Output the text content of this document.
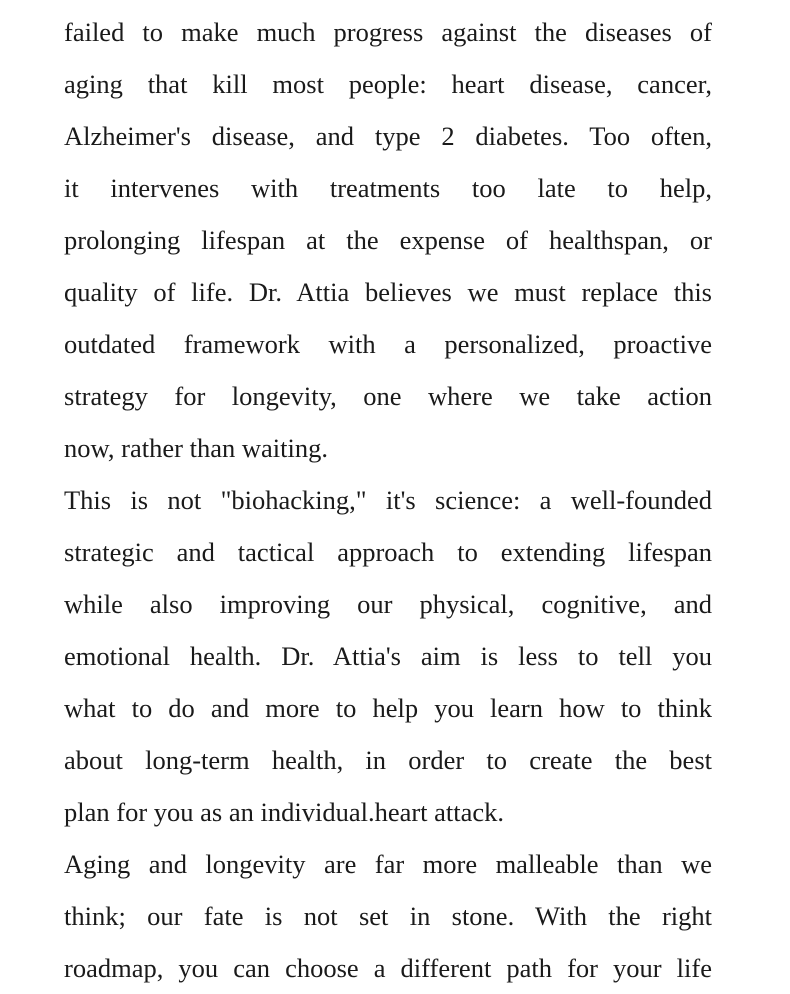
failed to make much progress against the diseases of
aging that kill most people: heart disease, cancer,
Alzheimer's disease, and type 2 diabetes. Too often,
it intervenes with treatments too late to help,
prolonging lifespan at the expense of healthspan, or
quality of life. Dr. Attia believes we must replace this
outdated framework with a personalized, proactive
strategy for longevity, one where we take action
now, rather than waiting.
This is not "biohacking," it's science: a well-founded
strategic and tactical approach to extending lifespan
while also improving our physical, cognitive, and
emotional health. Dr. Attia's aim is less to tell you
what to do and more to help you learn how to think
about long-term health, in order to create the best
plan for you as an individual.heart attack.
Aging and longevity are far more malleable than we
think; our fate is not set in stone. With the right
roadmap, you can choose a different path for your life
